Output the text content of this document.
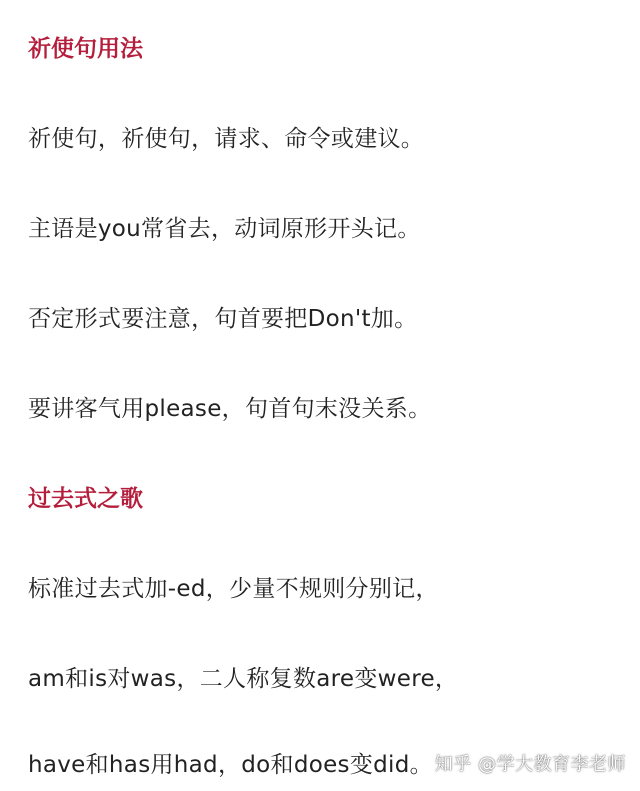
祈使句用法
祈使句，祈使句，请求、命令或建议。
主语是you常省去，动词原形开头记。
否定形式要注意，句首要把Don't加。
要讲客气用please，句首句末没关系。
过去式之歌
标准过去式加-ed，少量不规则分别记，
am和is对was，二人称复数are变were，
have和has用had，do和does变did。 知乎 @学大教育李老师
